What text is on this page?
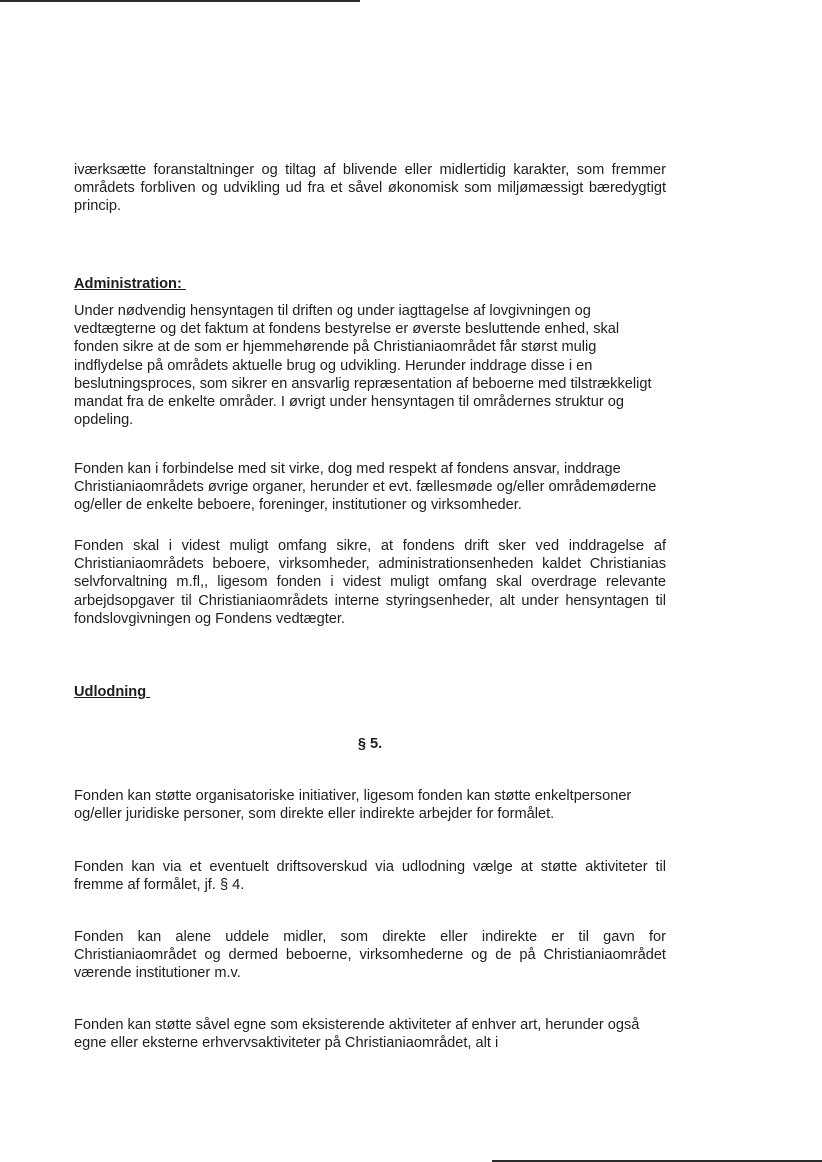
iværksætte foranstaltninger og tiltag af blivende eller midlertidig karakter, som fremmer områdets forbliven og udvikling ud fra et såvel økonomisk som miljømæssigt bæredygtigt princip.

Administration:

Under nødvendig hensyntagen til driften og under iagttagelse af lovgivningen og vedtægterne og det faktum at fondens bestyrelse er øverste besluttende enhed, skal fonden sikre at de som er hjemmehørende på Christianiaområdet får størst mulig indflydelse på områdets aktuelle brug og udvikling. Herunder inddrage disse i en beslutningsproces, som sikrer en ansvarlig repræsentation af beboerne med tilstrækkeligt mandat fra de enkelte områder. I øvrigt under hensyntagen til områdernes struktur og opdeling.

Fonden kan i forbindelse med sit virke, dog med respekt af fondens ansvar, inddrage Christianiaområdets øvrige organer, herunder et evt. fællesmøde og/eller områdemøderne og/eller de enkelte beboere, foreninger, institutioner og virksomheder.

Fonden skal i videst muligt omfang sikre, at fondens drift sker ved inddragelse af Christianiaområdets beboere, virksomheder, administrationsenheden kaldet Christianias selvforvaltning m.fl,, ligesom fonden i videst muligt omfang skal overdrage relevante arbejdsopgaver til Christianiaområdets interne styringsenheder, alt under hensyntagen til fondslovgivningen og Fondens vedtægter.

Udlodning
§ 5.

Fonden kan støtte organisatoriske initiativer, ligesom fonden kan støtte enkeltpersoner og/eller juridiske personer, som direkte eller indirekte arbejder for formålet.

Fonden kan via et eventuelt driftsoverskud via udlodning vælge at støtte aktiviteter til fremme af formålet, jf. § 4.

Fonden kan alene uddele midler, som direkte eller indirekte er til gavn for Christianiaområdet og dermed beboerne, virksomhederne og de på Christianiaområdet værende institutioner m.v.

Fonden kan støtte såvel egne som eksisterende aktiviteter af enhver art, herunder også egne eller eksterne erhvervsaktiviteter på Christianiaområdet, alt i
